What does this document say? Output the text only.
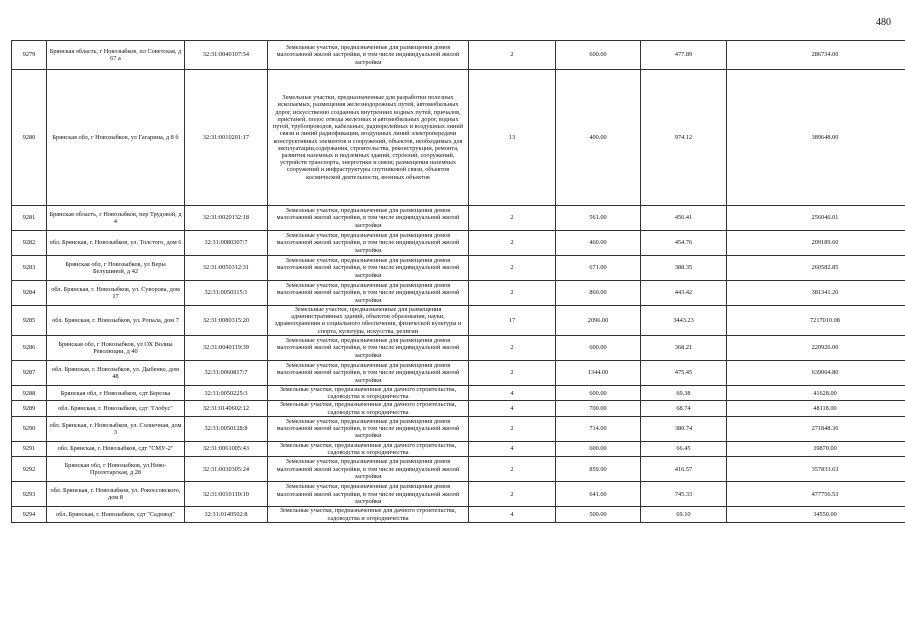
480
9279	Брянская область, г Новозыбков, пл Советская, д 67 а	32:31:0040107:54	Земельные участки, предназначенные для размещения домов малоэтажной жилой застройки, в том числе индивидуальной жилой застройки	2	600.00	477.89	286734.00
9280	Брянская обл, г Новозыбков, ул Гагарина, д 8 б	32:31:0010201:17	Земельные участки, предназначенные для разработки полезных ископаемых, размещения железнодорожных путей, автомобильных дорог, искусственно созданных внутренних водных путей, причалов, пристаней, полос отвода железных и автомобильных дорог, водных путей, трубопроводов, кабельных, радиорелейных и воздушных линий связи и линий радиофикации, воздушных линий электропередачи конструктивных элементов и сооружений, объектов, необходимых для эксплуатации,содержания, строительства, реконструкции, ремонта, развития наземных и подземных зданий, строений, сооружений, устройств транспорта, энергетики и связи; размещения наземных сооружений и инфраструктуры спутниковой связи, объектов космической деятельности, военных объектов	13	400.00	974.12	389648.00
9281	Брянская область, г Новозыбков, пер Трудовой, д 4	32:31:0020132:18	Земельные участки, предназначенные для размещения домов малоэтажной жилой застройки, в том числе индивидуальной жилой застройки	2	561.00	456.41	256046.01
9282	обл. Брянская, г. Новозыбков, ул. Толстого, дом 6	32:31:0080307:7	Земельные участки, предназначенные для размещения домов малоэтажной жилой застройки, в том числе индивидуальной жилой застройки	2	460.00	454.76	209189.60
9283	Брянская обл, г Новозыбков, ул Веры Белушиной, д 42	32:31:0050312:31	Земельные участки, предназначенные для размещения домов малоэтажной жилой застройки, в том числе индивидуальной жилой застройки	2	671.00	388.35	260582.85
9284	обл. Брянская, г. Новозыбков, ул. Суворова, дом 17	32:31:0050315:1	Земельные участки, предназначенные для размещения домов малоэтажной жилой застройки, в том числе индивидуальной жилой застройки	2	860.00	443.42	381341.20
9285	обл. Брянская, г. Новозыбков, ул. Ропала, дом 7	32:31:0080315:20	Земельные участки, предназначенные для размещения административных зданий, объектов образования, науки, здравоохранения и социального обеспечения, физической культуры и спорта, культуры, искусства, религии	17	2096.00	3443.23	7217010.08
9286	Брянская обл, г Новозыбков, ул ОХ Волны Революции, д 40	32:31:0040119:39	Земельные участки, предназначенные для размещения домов малоэтажной жилой застройки, в том числе индивидуальной жилой застройки	2	600.00	368.21	220926.00
9287	обл. Брянская, г. Новозыбков, ул. Дыбенко, дом 48	32:31:0060817:7	Земельные участки, предназначенные для размещения домов малоэтажной жилой застройки, в том числе индивидуальной жилой застройки	2	1344.00	475.45	639004.80
9288	Брянская обл, г Новозыбков, сдт Березка	32:31:0050225:3	Земельные участки, предназначенные для дачного строительства, садоводства и огородничества	4	600.00	69.38	41628.00
9289	обл. Брянская, г. Новозыбков, сдт "Глобус"	32:31:0140602:12	Земельные участки, предназначенные для дачного строительства, садоводства и огородничества	4	700.00	68.74	48118.00
9290	обл. Брянская, г. Новозыбков, ул. Солнечная, дом 3	32:31:0050128:8	Земельные участки, предназначенные для размещения домов малоэтажной жилой застройки, в том числе индивидуальной жилой застройки	2	714.00	380.74	271848.36
9291	обл. Брянская, г. Новозыбков, сдт "СМУ-2"	32:31:0061005:43	Земельные участки, предназначенные для дачного строительства, садоводства и огородничества	4	600.00	66.45	39870.00
9292	Брянская обл, г Новозыбков, ул Ново-Пролетарская, д 28	32:31:0030305:24	Земельные участки, предназначенные для размещения домов малоэтажной жилой застройки, в том числе индивидуальной жилой застройки	2	859.00	416.57	357833.63
9293	обл. Брянская, г. Новозыбков, ул. Рокоссовского, дом 8	32:31:0010110:10	Земельные участки, предназначенные для размещения домов малоэтажной жилой застройки, в том числе индивидуальной жилой застройки	2	641.00	745.33	477756.53
9294	обл. Брянская, г. Новозыбков, сдт "Садовод"	32:31:0140502:8	Земельные участки, предназначенные для дачного строительства, садоводства и огородничества	4	500.00	69.10	34550.00
